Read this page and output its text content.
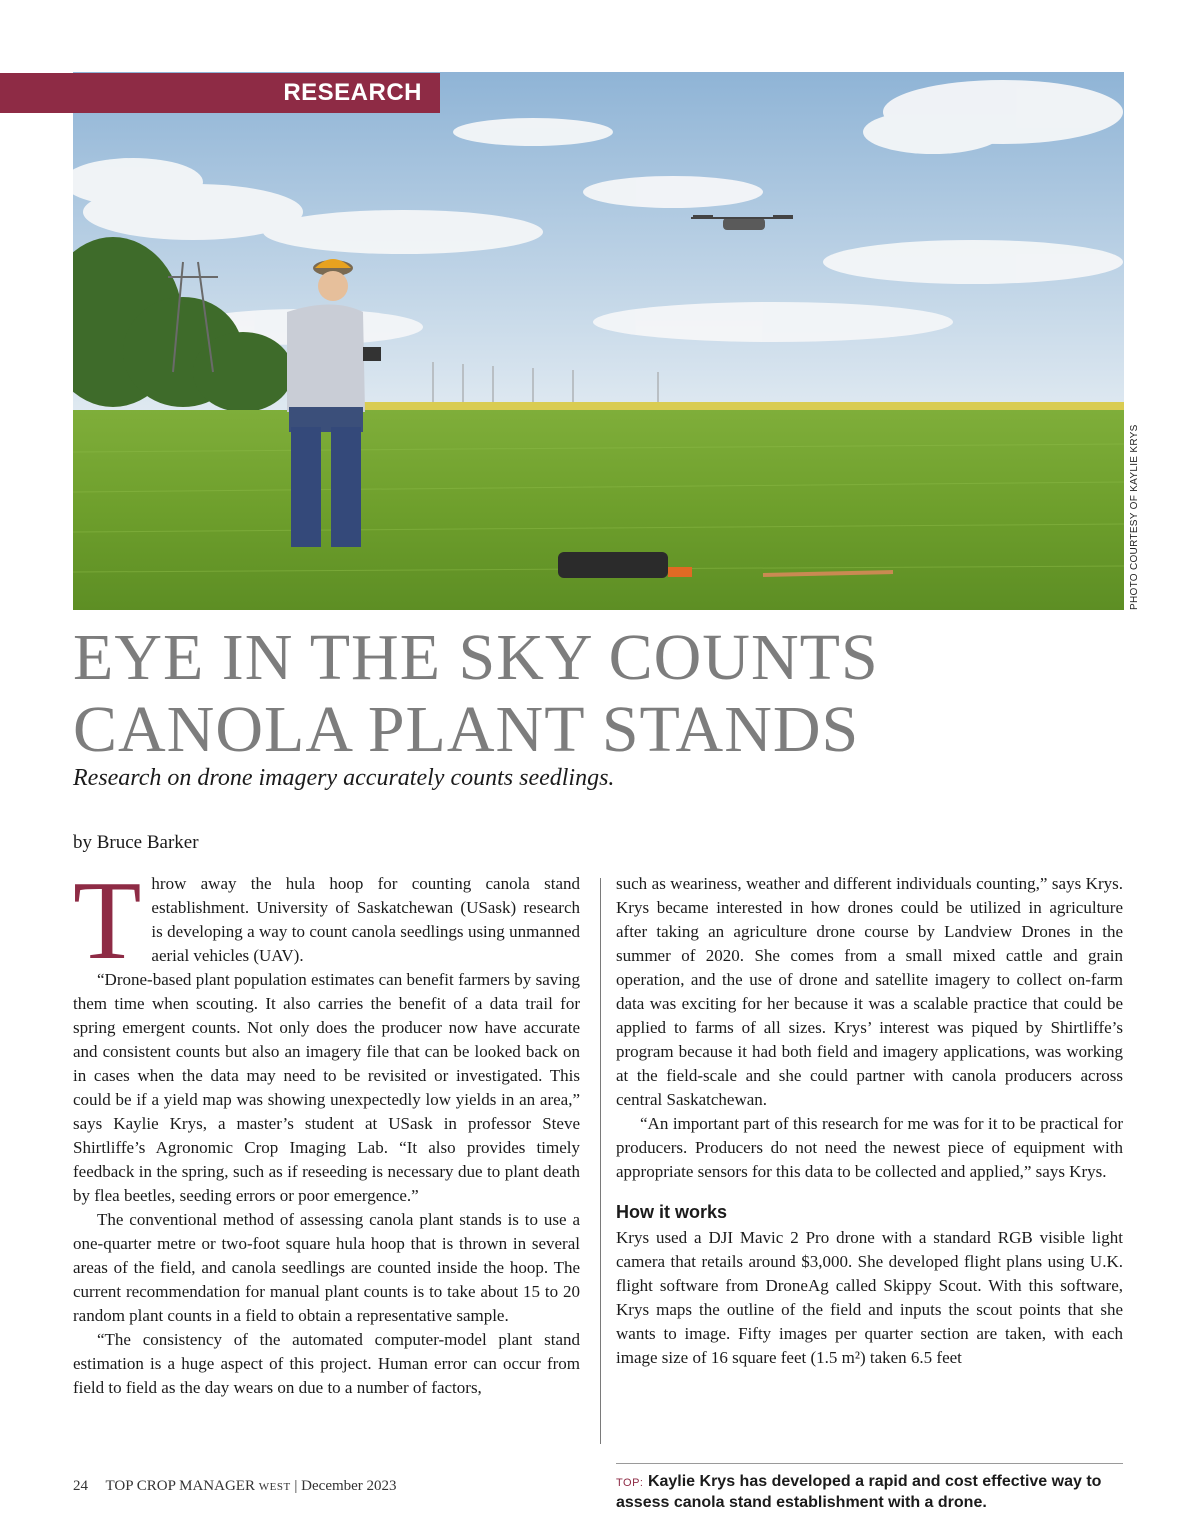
RESEARCH
PHOTO COURTESY OF KAYLIE KRYS
EYE IN THE SKY COUNTS
CANOLA PLANT STANDS

Research on drone imagery accurately counts seedlings.

by Bruce Barker

Throw away the hula hoop for counting canola stand establishment. University of Saskatchewan (USask) research is developing a way to count canola seedlings using unmanned aerial vehicles (UAV).

“Drone-based plant population estimates can benefit farmers by saving them time when scouting. It also carries the benefit of a data trail for spring emergent counts. Not only does the producer now have accurate and consistent counts but also an imagery file that can be looked back on in cases when the data may need to be revisited or investigated. This could be if a yield map was showing unexpectedly low yields in an area,” says Kaylie Krys, a master’s student at USask in professor Steve Shirtliffe’s Agronomic Crop Imaging Lab. “It also provides timely feedback in the spring, such as if reseeding is necessary due to plant death by flea beetles, seeding errors or poor emergence.”

The conventional method of assessing canola plant stands is to use a one-quarter metre or two-foot square hula hoop that is thrown in several areas of the field, and canola seedlings are counted inside the hoop. The current recommendation for manual plant counts is to take about 15 to 20 random plant counts in a field to obtain a representative sample.

“The consistency of the automated computer-model plant stand estimation is a huge aspect of this project. Human error can occur from field to field as the day wears on due to a number of factors,

such as weariness, weather and different individuals counting,” says Krys. Krys became interested in how drones could be utilized in agriculture after taking an agriculture drone course by Landview Drones in the summer of 2020. She comes from a small mixed cattle and grain operation, and the use of drone and satellite imagery to collect on-farm data was exciting for her because it was a scalable practice that could be applied to farms of all sizes. Krys’ interest was piqued by Shirtliffe’s program because it had both field and imagery applications, was working at the field-scale and she could partner with canola producers across central Saskatchewan.

“An important part of this research for me was for it to be practical for producers. Producers do not need the newest piece of equipment with appropriate sensors for this data to be collected and applied,” says Krys.

How it works

Krys used a DJI Mavic 2 Pro drone with a standard RGB visible light camera that retails around $3,000. She developed flight plans using U.K. flight software from DroneAg called Skippy Scout. With this software, Krys maps the outline of the field and inputs the scout points that she wants to image. Fifty images per quarter section are taken, with each image size of 16 square feet (1.5 m²) taken 6.5 feet

TOP: Kaylie Krys has developed a rapid and cost effective way to assess canola stand establishment with a drone.

24 TOP CROP MANAGER WEST | December 2023
